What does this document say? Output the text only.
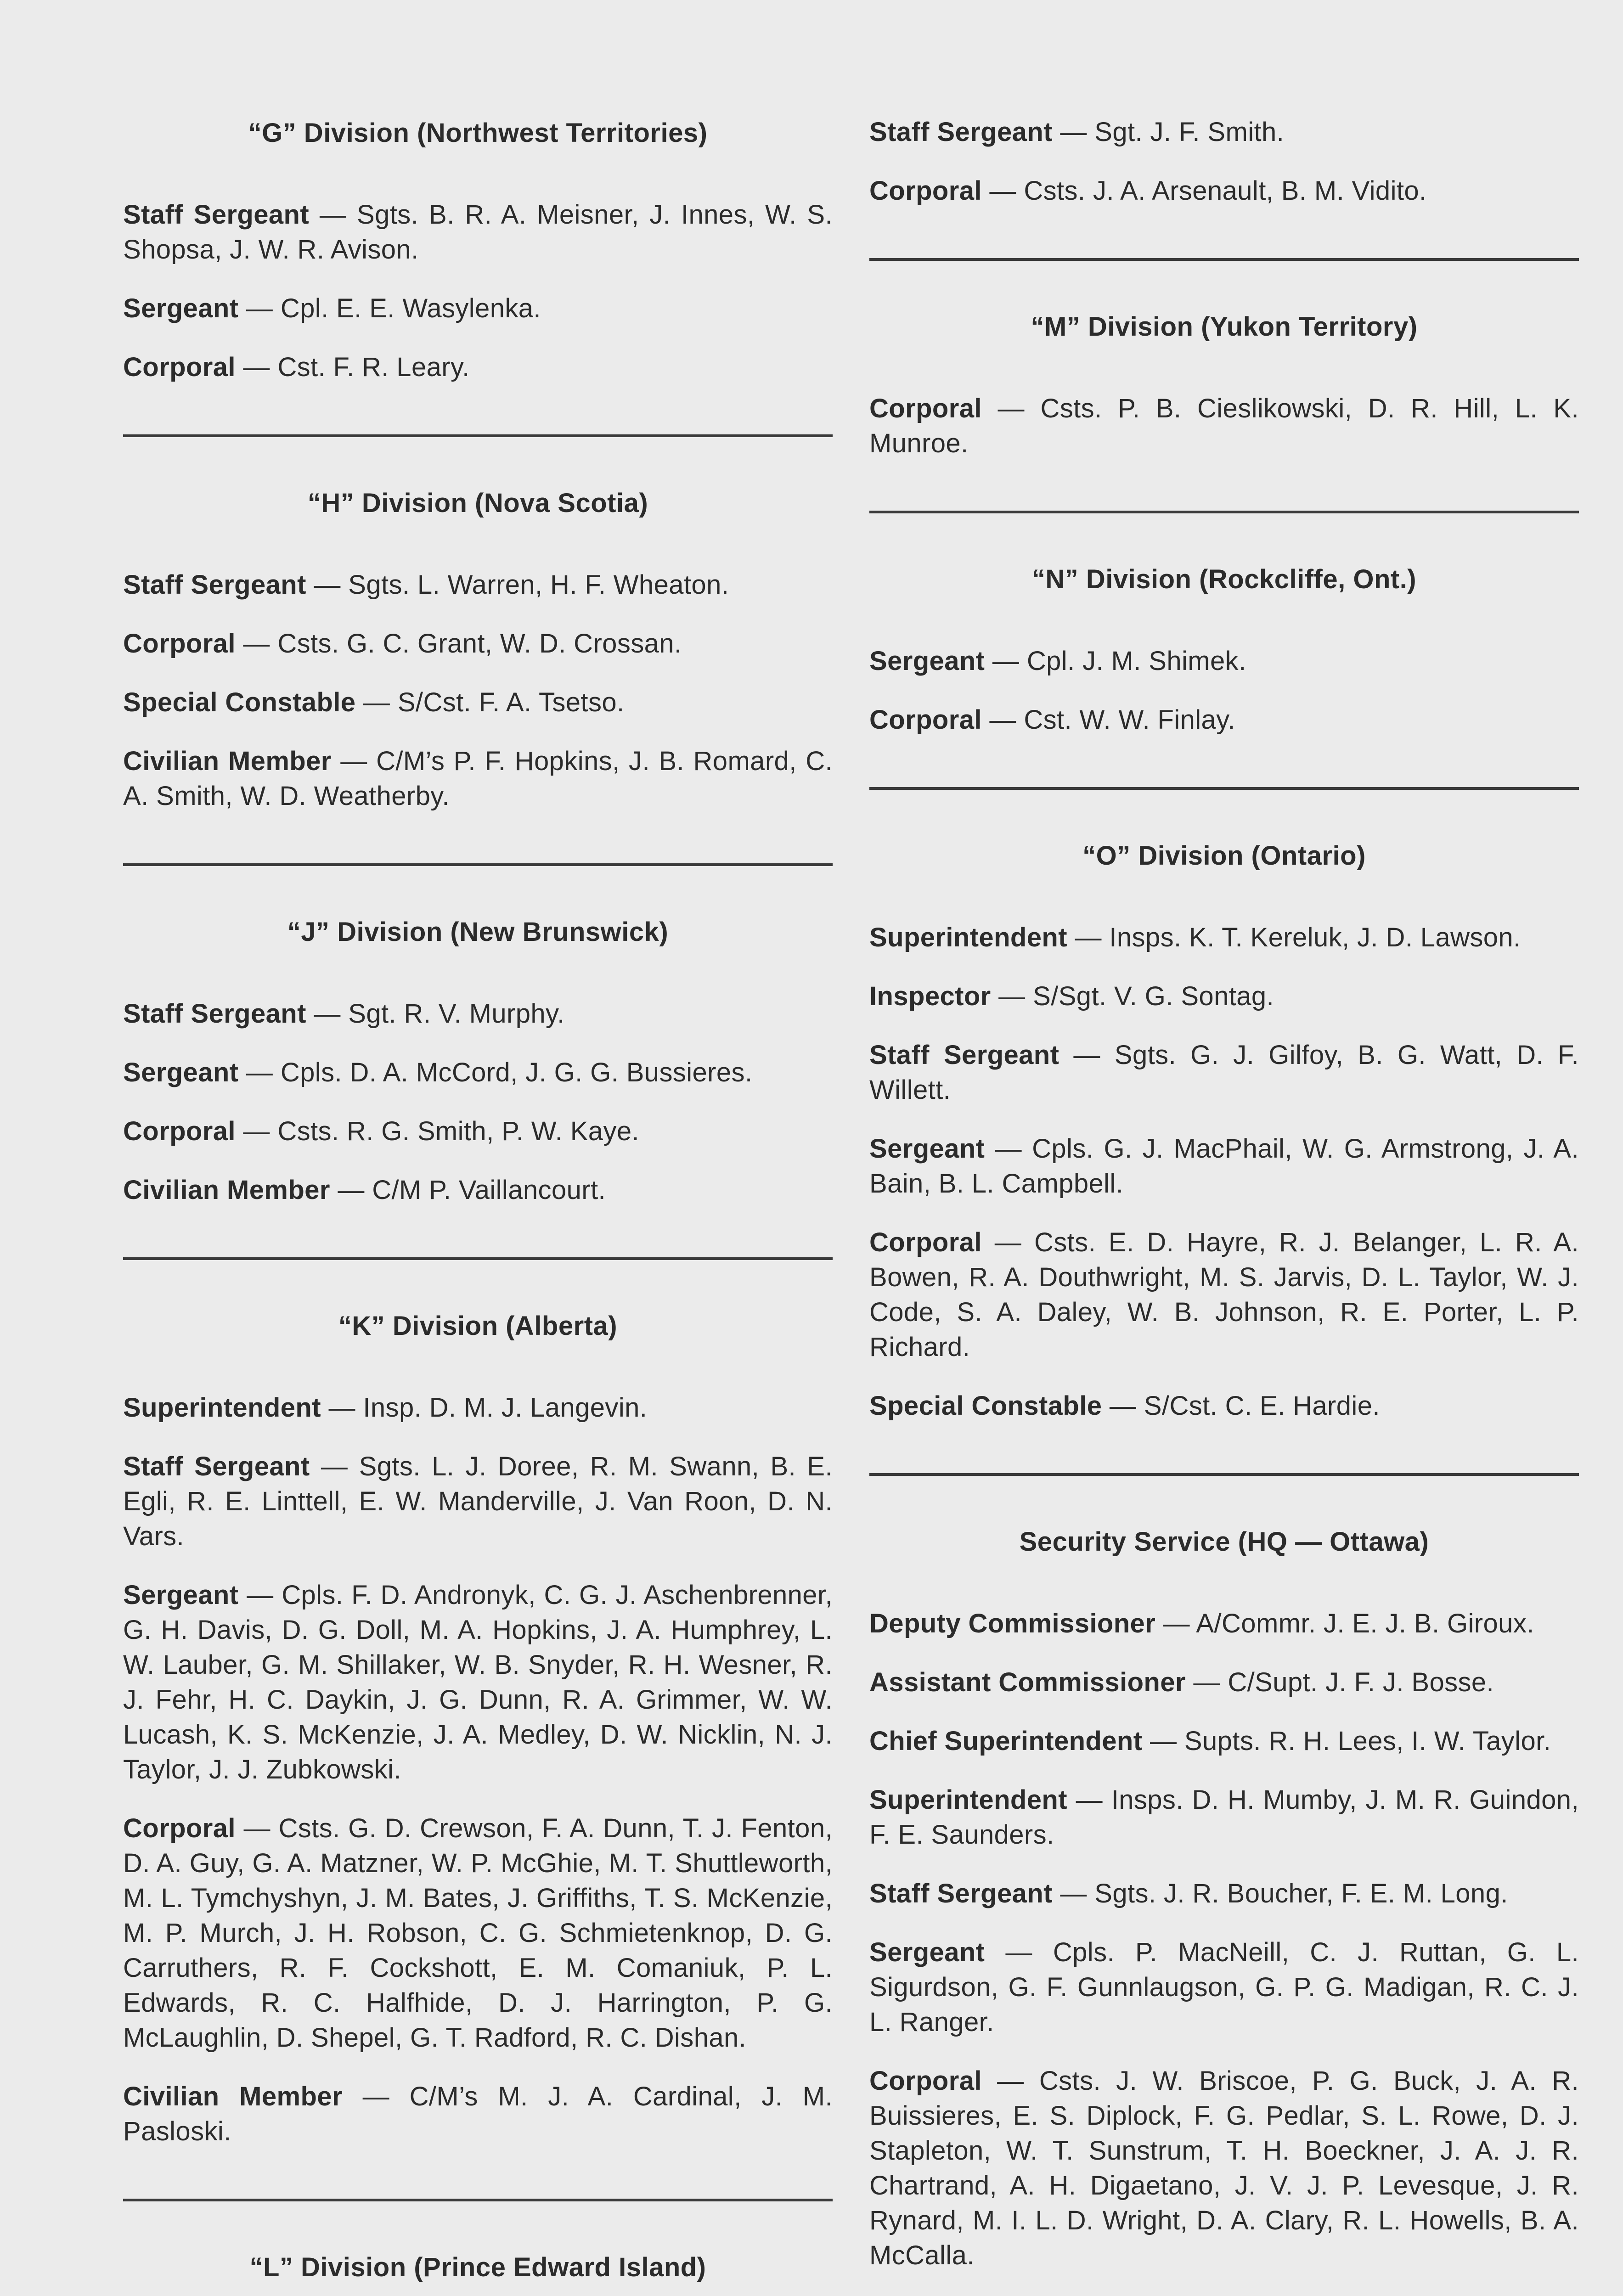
“G” Division (Northwest Territories)
Staff Sergeant — Sgts. B. R. A. Meisner, J. Innes, W. S. Shopsa, J. W. R. Avison.
Sergeant — Cpl. E. E. Wasylenka.
Corporal — Cst. F. R. Leary.
“H” Division (Nova Scotia)
Staff Sergeant — Sgts. L. Warren, H. F. Wheaton.
Corporal — Csts. G. C. Grant, W. D. Crossan.
Special Constable — S/Cst. F. A. Tsetso.
Civilian Member — C/M’s P. F. Hopkins, J. B. Romard, C. A. Smith, W. D. Weatherby.
“J” Division (New Brunswick)
Staff Sergeant — Sgt. R. V. Murphy.
Sergeant — Cpls. D. A. McCord, J. G. G. Bussieres.
Corporal — Csts. R. G. Smith, P. W. Kaye.
Civilian Member — C/M P. Vaillancourt.
“K” Division (Alberta)
Superintendent — Insp. D. M. J. Langevin.
Staff Sergeant — Sgts. L. J. Doree, R. M. Swann, B. E. Egli, R. E. Linttell, E. W. Manderville, J. Van Roon, D. N. Vars.
Sergeant — Cpls. F. D. Andronyk, C. G. J. Aschenbrenner, G. H. Davis, D. G. Doll, M. A. Hopkins, J. A. Humphrey, L. W. Lauber, G. M. Shillaker, W. B. Snyder, R. H. Wesner, R. J. Fehr, H. C. Daykin, J. G. Dunn, R. A. Grimmer, W. W. Lucash, K. S. McKenzie, J. A. Medley, D. W. Nicklin, N. J. Taylor, J. J. Zubkowski.
Corporal — Csts. G. D. Crewson, F. A. Dunn, T. J. Fenton, D. A. Guy, G. A. Matzner, W. P. McGhie, M. T. Shuttleworth, M. L. Tymchyshyn, J. M. Bates, J. Griffiths, T. S. McKenzie, M. P. Murch, J. H. Robson, C. G. Schmietenknop, D. G. Carruthers, R. F. Cockshott, E. M. Comaniuk, P. L. Edwards, R. C. Halfhide, D. J. Harrington, P. G. McLaughlin, D. Shepel, G. T. Radford, R. C. Dishan.
Civilian Member — C/M’s M. J. A. Cardinal, J. M. Pasloski.
“L” Division (Prince Edward Island)
Staff Sergeant — Sgt. J. F. Smith.
Corporal — Csts. J. A. Arsenault, B. M. Vidito.
“M” Division (Yukon Territory)
Corporal — Csts. P. B. Cieslikowski, D. R. Hill, L. K. Munroe.
“N” Division (Rockcliffe, Ont.)
Sergeant — Cpl. J. M. Shimek.
Corporal — Cst. W. W. Finlay.
“O” Division (Ontario)
Superintendent — Insps. K. T. Kereluk, J. D. Lawson.
Inspector — S/Sgt. V. G. Sontag.
Staff Sergeant — Sgts. G. J. Gilfoy, B. G. Watt, D. F. Willett.
Sergeant — Cpls. G. J. MacPhail, W. G. Armstrong, J. A. Bain, B. L. Campbell.
Corporal — Csts. E. D. Hayre, R. J. Belanger, L. R. A. Bowen, R. A. Douthwright, M. S. Jarvis, D. L. Taylor, W. J. Code, S. A. Daley, W. B. Johnson, R. E. Porter, L. P. Richard.
Special Constable — S/Cst. C. E. Hardie.
Security Service (HQ — Ottawa)
Deputy Commissioner — A/Commr. J. E. J. B. Giroux.
Assistant Commissioner — C/Supt. J. F. J. Bosse.
Chief Superintendent — Supts. R. H. Lees, I. W. Taylor.
Superintendent — Insps. D. H. Mumby, J. M. R. Guindon, F. E. Saunders.
Staff Sergeant — Sgts. J. R. Boucher, F. E. M. Long.
Sergeant — Cpls. P. MacNeill, C. J. Ruttan, G. L. Sigurdson, G. F. Gunnlaugson, G. P. G. Madigan, R. C. J. L. Ranger.
Corporal — Csts. J. W. Briscoe, P. G. Buck, J. A. R. Buissieres, E. S. Diplock, F. G. Pedlar, S. L. Rowe, D. J. Stapleton, W. T. Sunstrum, T. H. Boeckner, J. A. J. R. Chartrand, A. H. Digaetano, J. V. J. P. Levesque, J. R. Rynard, M. I. L. D. Wright, D. A. Clary, R. L. Howells, B. A. McCalla.
